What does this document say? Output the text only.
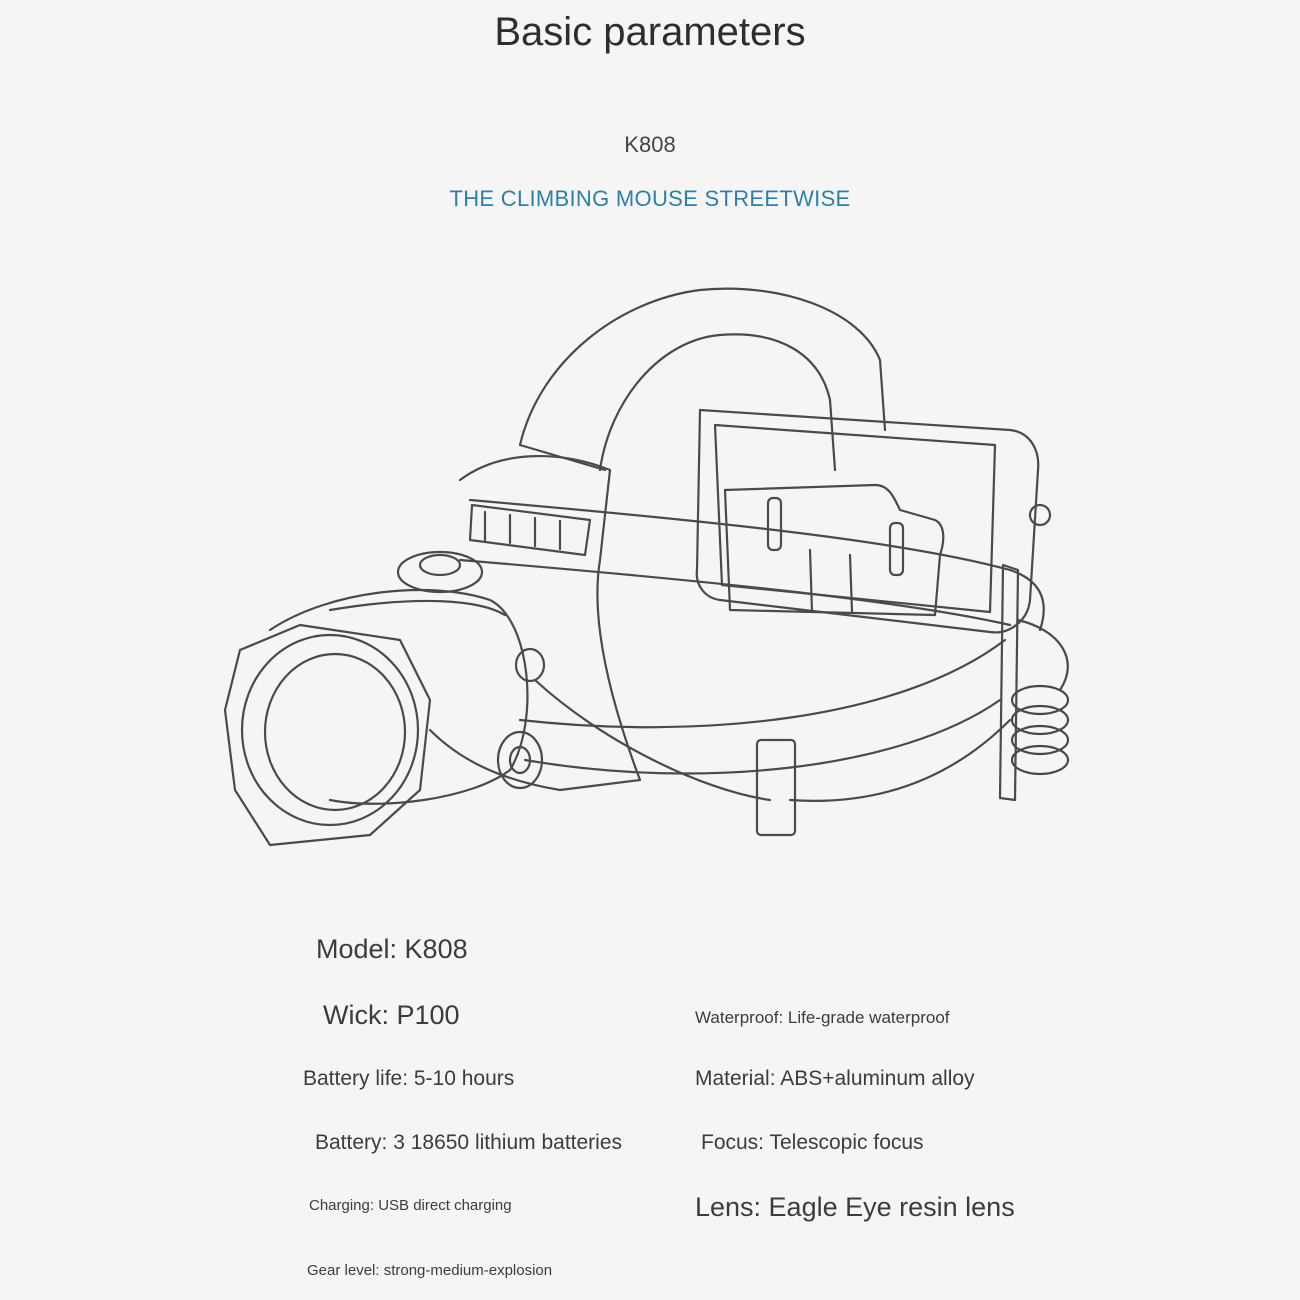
Basic parameters
K808
THE CLIMBING MOUSE STREETWISE
Model: K808
Wick: P100
Battery life: 5-10 hours
Battery: 3 18650 lithium batteries
Charging: USB direct charging
Gear level: strong-medium-explosion
Waterproof: Life-grade waterproof
Material: ABS+aluminum alloy
Focus: Telescopic focus
Lens: Eagle Eye resin lens
